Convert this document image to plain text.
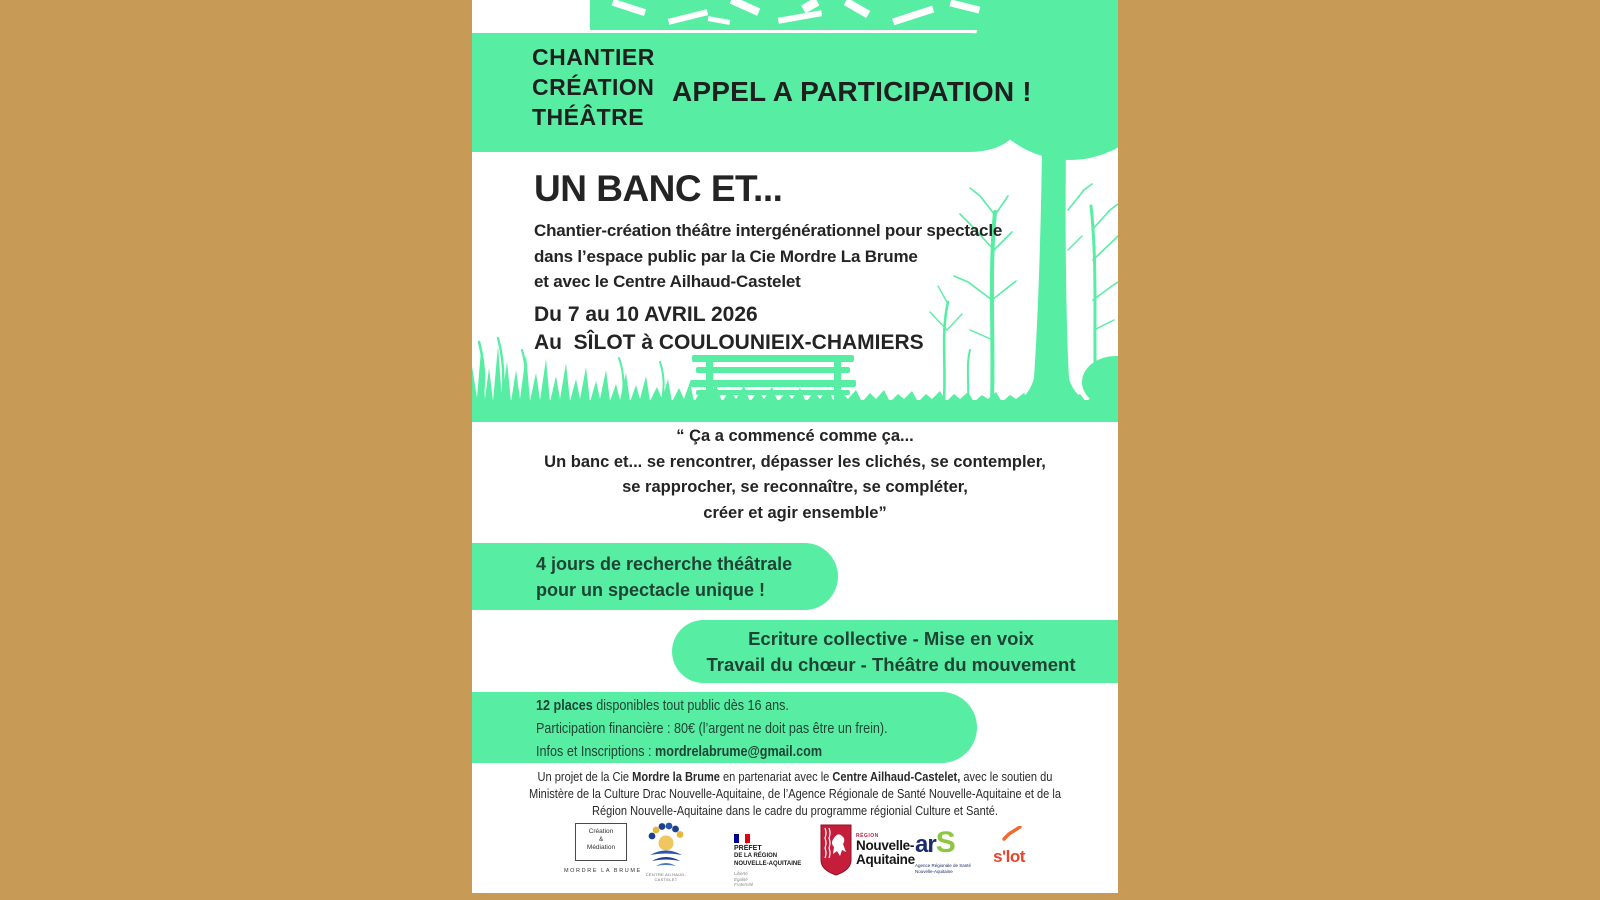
CHANTIER
CRÉATION
THÉÂTRE
APPEL A PARTICIPATION !
UN BANC ET...
Chantier-création théâtre intergénérationnel pour spectacle
dans l’espace public par la Cie Mordre La Brume
et avec le Centre Ailhaud-Castelet
Du 7 au 10 AVRIL 2026
Au  SÎLOT à COULOUNIEIX-CHAMIERS
“ Ça a commencé comme ça...
Un banc et... se rencontrer, dépasser les clichés, se contempler,
se rapprocher, se reconnaître, se compléter,
créer et agir ensemble”
4 jours de recherche théâtrale
pour un spectacle unique !
Ecriture collective - Mise en voix
Travail du chœur - Théâtre du mouvement
12 places disponibles tout public dès 16 ans.
Participation financière : 80€ (l’argent ne doit pas être un frein).
Infos et Inscriptions : mordrelabrume@gmail.com
Un projet de la Cie Mordre la Brume en partenariat avec le Centre Ailhaud-Castelet, avec le soutien du
Ministère de la Culture Drac Nouvelle-Aquitaine, de l’Agence Régionale de Santé Nouvelle-Aquitaine et de la
Région Nouvelle-Aquitaine dans le cadre du programme régionial Culture et Santé.
Création
&
Médiation
MORDRE LA BRUME
CENTRE AILHAUD-CASTELET
PRÉFET
DE LA RÉGION
NOUVELLE-AQUITAINE
Liberté
Égalité
Fraternité
RÉGION
Nouvelle-
Aquitaine
arS
Agence Régionale de Santé
Nouvelle-Aquitaine
s'lot
